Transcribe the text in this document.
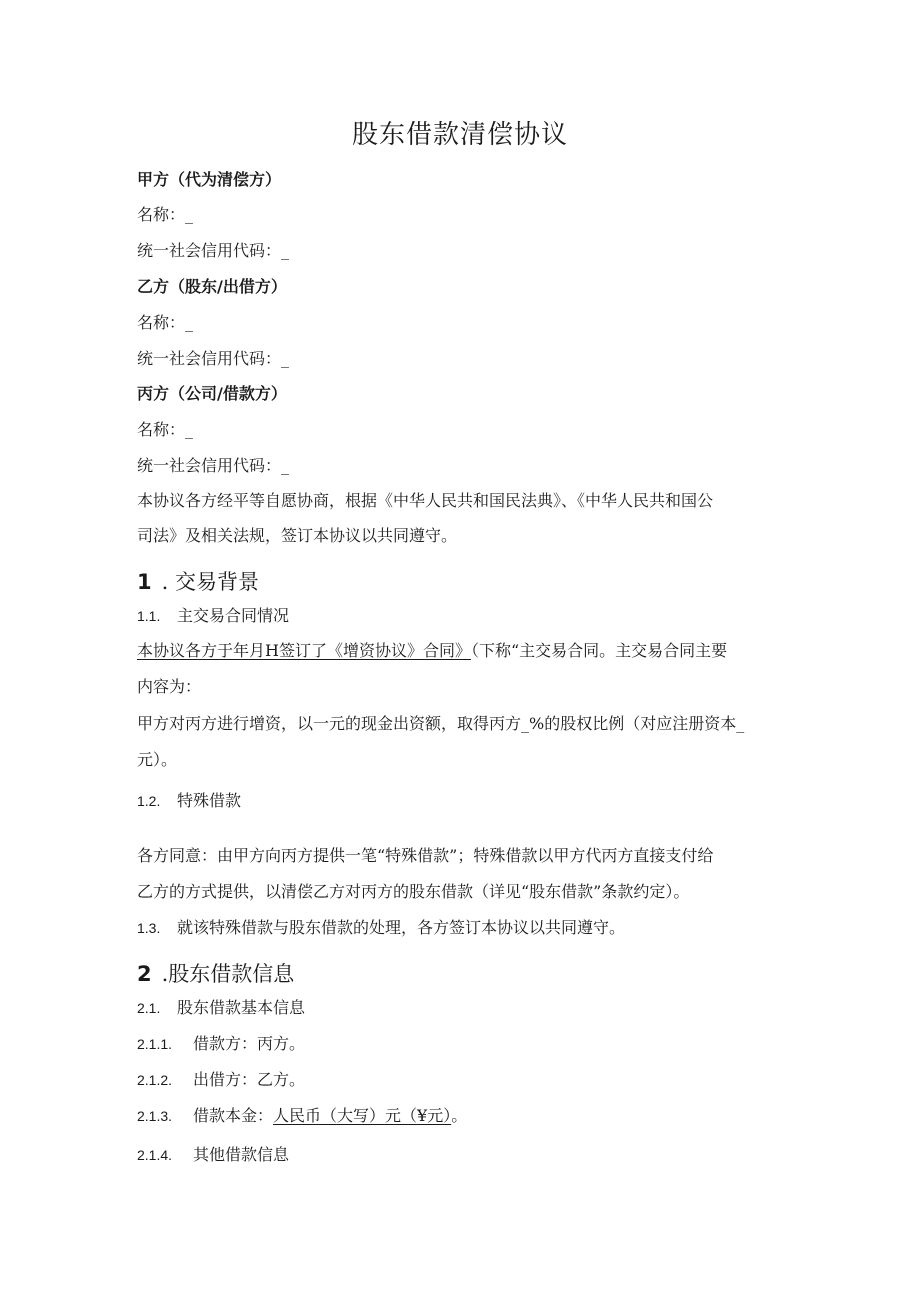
股东借款清偿协议
甲方（代为清偿方）
名称：_
统一社会信用代码：_
乙方（股东/出借方）
名称：_
统一社会信用代码：_
丙方（公司/借款方）
名称：_
统一社会信用代码：_
本协议各方经平等自愿协商，根据《中华人民共和国民法典》、《中华人民共和国公
司法》及相关法规，签订本协议以共同遵守。
1 . 交易背景
1.1. 主交易合同情况
本协议各方于年月H签订了《增资协议》合同》（下称“主交易合同。主交易合同主要
内容为：
甲方对丙方进行增资，以一元的现金出资额，取得丙方_%的股权比例（对应注册资本_
元）。
1.2. 特殊借款
各方同意：由甲方向丙方提供一笔“特殊借款”；特殊借款以甲方代丙方直接支付给
乙方的方式提供，以清偿乙方对丙方的股东借款（详见“股东借款”条款约定）。
1.3. 就该特殊借款与股东借款的处理，各方签订本协议以共同遵守。
2 .股东借款信息
2.1. 股东借款基本信息
2.1.1. 借款方：丙方。
2.1.2. 出借方：乙方。
2.1.3. 借款本金：人民币（大写）元（¥元）。
2.1.4. 其他借款信息
